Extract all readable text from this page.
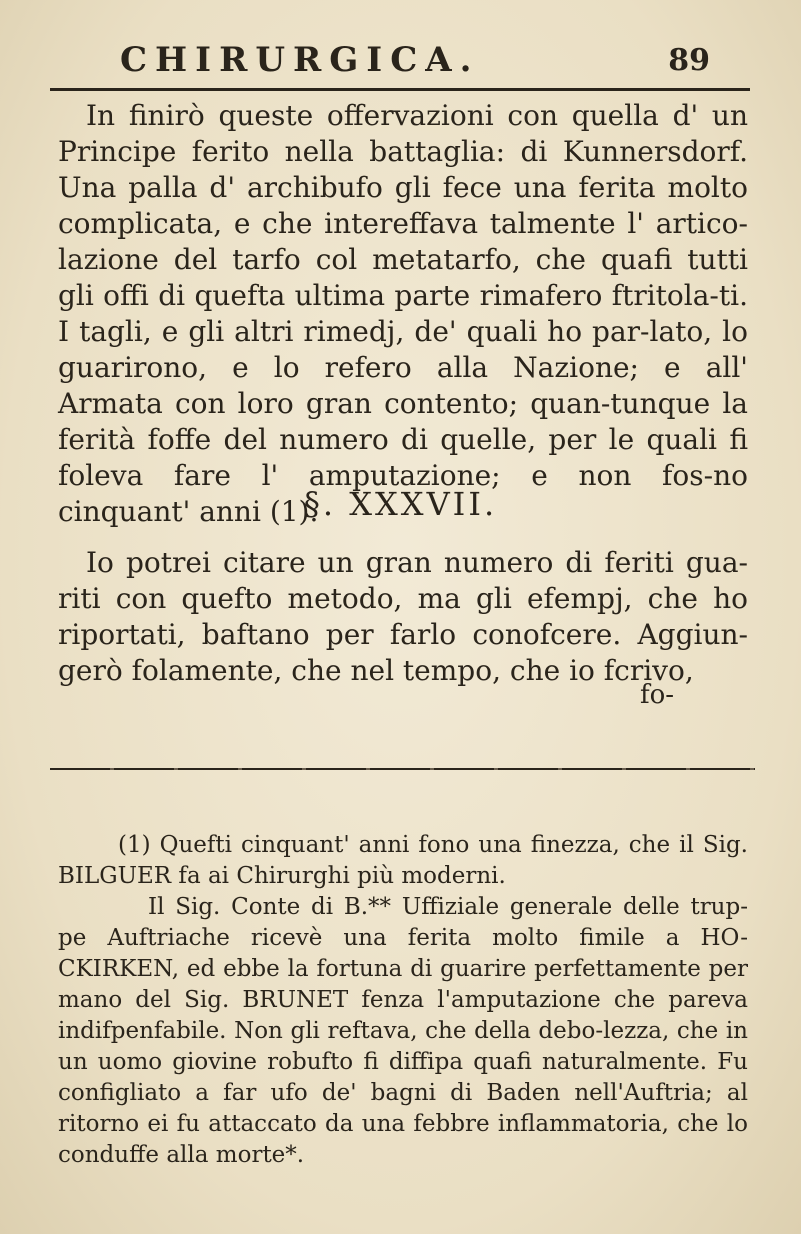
CHIRURGICA.	89

In finirò queste offervazioni con quella d' un Principe ferito nella battaglia: di Kunnersdorf. Una palla d' archibufo gli fece una ferita molto complicata, e che intereffava talmente l' artico-lazione del tarfo col metatarfo, che quafi tutti gli offi di quefta ultima parte rimafero ftritola-ti. I tagli, e gli altri rimedj, de' quali ho par-lato, lo guarirono, e lo refero alla Nazione; e all' Armata con loro gran contento; quan-tunque la ferità foffe del numero di quelle, per le quali fi foleva fare l' amputazione; e non fos-no cinquant' anni (1).

§. XXXVII.

Io potrei citare un gran numero di feriti gua-riti con quefto metodo, ma gli efempj, che ho riportati, baftano per farlo conofcere. Aggiun-gerò folamente, che nel tempo, che io fcrivo,

fo-

(1) Quefti cinquant' anni fono una finezza, che il Sig. BILGUER fa ai Chirurghi più moderni.

Il Sig. Conte di B.** Uffiziale generale delle trup-pe Auftriache ricevè una ferita molto fimile a HO-CKIRKEN, ed ebbe la fortuna di guarire perfettamente per mano del Sig. BRUNET fenza l'amputazione che pareva indifpenfabile. Non gli reftava, che della debo-lezza, che in un uomo giovine robufto fi diffipa quafi naturalmente. Fu configliato a far ufo de' bagni di Baden nell'Auftria; al ritorno ei fu attaccato da una febbre inflammatoria, che lo conduffe alla morte*.
